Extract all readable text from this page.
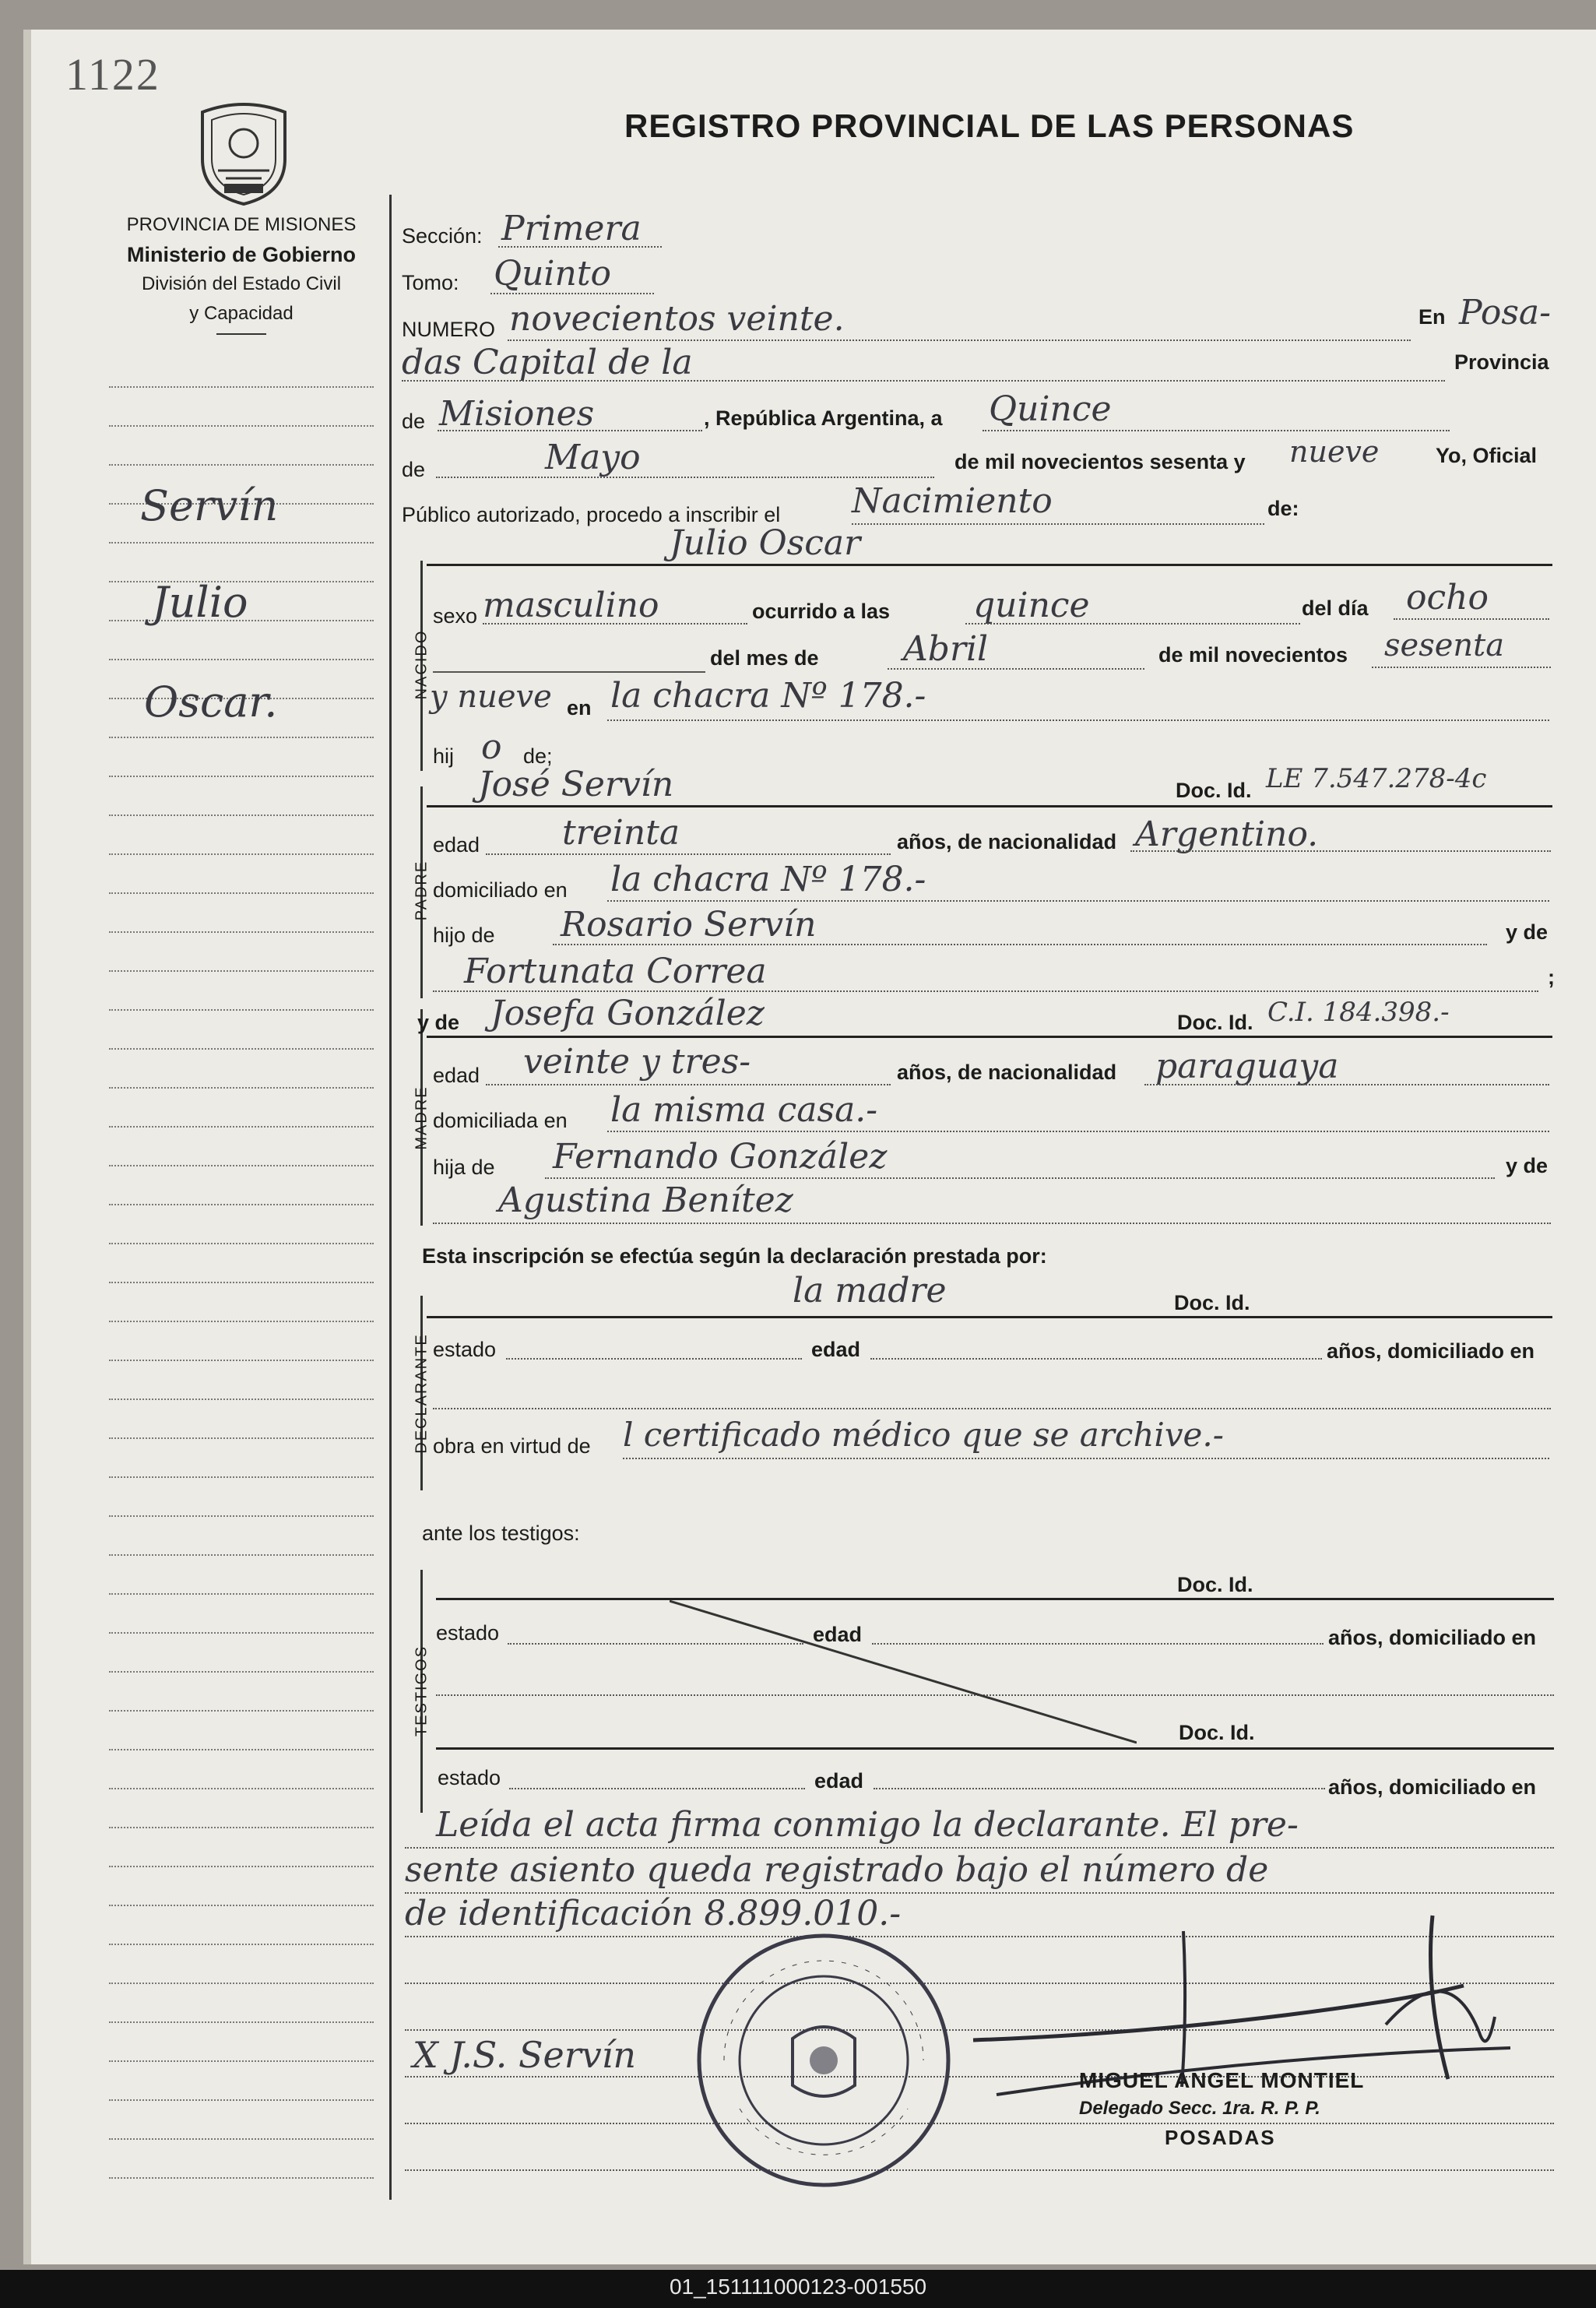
1122
REGISTRO PROVINCIAL DE LAS PERSONAS
PROVINCIA DE MISIONES
Ministerio de Gobierno
División del Estado Civil
y Capacidad
Servín
Julio
Oscar.
Sección: Primera
Tomo: Quinto
NUMERO novecientos veinte.	En Posa-
das Capital de la	Provincia
de Misiones	, República Argentina, a Quince
de	Mayo	de mil novecientos sesenta y nueve	Yo, Oficial
Público autorizado, procedo a inscribir el Nacimiento	de:
NACIDO
Julio Oscar
sexo masculino	ocurrido a las quince	del día ocho
del mes de Abril	de mil novecientos sesenta
y nueve en la chacra Nº 178.-
hij o de;
PADRE
José Servín	Doc. Id. LE 7.547.278-4c
edad treinta	años, de nacionalidad Argentino.
domiciliado en la chacra Nº 178.-
hijo de Rosario Servín	y de
Fortunata Correa	;
MADRE
y de Josefa González	Doc. Id. C.I. 184.398.-
edad veinte y tres-	años, de nacionalidad paraguaya
domiciliada en la misma casa.-
hija de Fernando González	y de
Agustina Benítez
Esta inscripción se efectúa según la declaración prestada por:
DECLARANTE
la madre	Doc. Id.
estado	edad	años, domiciliado en
obra en virtud de l certificado médico que se archive.-
ante los testigos:
TESTIGOS
Doc. Id.
estado	edad	años, domiciliado en
Doc. Id.
estado	edad	años, domiciliado en
Leída el acta firma conmigo la declarante. El pre-
sente asiento queda registrado bajo el número de
de identificación 8.899.010.-
X J.S. Servín
MIGUEL ANGEL MONTIEL
Delegado Secc. 1ra. R. P. P.
POSADAS
01_151111000123-001550
